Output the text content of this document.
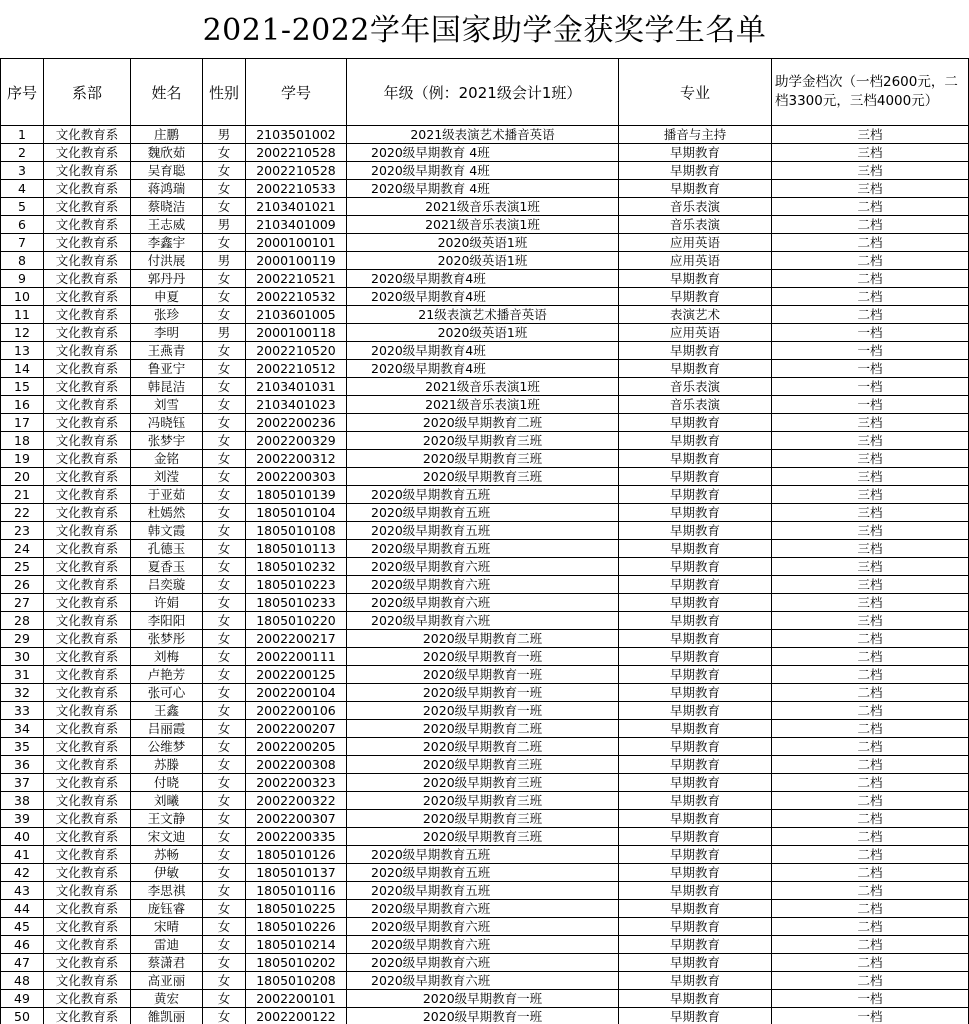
2021-2022学年国家助学金获奖学生名单
序号	系部	姓名	性别	学号	年级（例：2021级会计1班）	专业	助学金档次（一档2600元，二档3300元，三档4000元）
1	文化教育系	庄鹏	男	2103501002	2021级表演艺术播音英语	播音与主持	三档
2	文化教育系	魏欣茹	女	2002210528	2020级早期教育 4班	早期教育	三档
3	文化教育系	吴育聪	女	2002210528	2020级早期教育 4班	早期教育	三档
4	文化教育系	蒋鸿瑞	女	2002210533	2020级早期教育 4班	早期教育	三档
5	文化教育系	蔡晓洁	女	2103401021	2021级音乐表演1班	音乐表演	二档
6	文化教育系	王志威	男	2103401009	2021级音乐表演1班	音乐表演	二档
7	文化教育系	李鑫宇	女	2000100101	2020级英语1班	应用英语	二档
8	文化教育系	付洪展	男	2000100119	2020级英语1班	应用英语	二档
9	文化教育系	郭丹丹	女	2002210521	2020级早期教育4班	早期教育	二档
10	文化教育系	申夏	女	2002210532	2020级早期教育4班	早期教育	二档
11	文化教育系	张珍	女	2103601005	21级表演艺术播音英语	表演艺术	二档
12	文化教育系	李明	男	2000100118	2020级英语1班	应用英语	一档
13	文化教育系	王燕青	女	2002210520	2020级早期教育4班	早期教育	一档
14	文化教育系	鲁亚宁	女	2002210512	2020级早期教育4班	早期教育	一档
15	文化教育系	韩昆洁	女	2103401031	2021级音乐表演1班	音乐表演	一档
16	文化教育系	刘雪	女	2103401023	2021级音乐表演1班	音乐表演	一档
17	文化教育系	冯晓钰	女	2002200236	2020级早期教育二班	早期教育	三档
18	文化教育系	张梦宇	女	2002200329	2020级早期教育三班	早期教育	三档
19	文化教育系	金铭	女	2002200312	2020级早期教育三班	早期教育	三档
20	文化教育系	刘滢	女	2002200303	2020级早期教育三班	早期教育	三档
21	文化教育系	于亚茹	女	1805010139	2020级早期教育五班	早期教育	三档
22	文化教育系	杜嫣然	女	1805010104	2020级早期教育五班	早期教育	三档
23	文化教育系	韩文霞	女	1805010108	2020级早期教育五班	早期教育	三档
24	文化教育系	孔德玉	女	1805010113	2020级早期教育五班	早期教育	三档
25	文化教育系	夏香玉	女	1805010232	2020级早期教育六班	早期教育	三档
26	文化教育系	吕奕璇	女	1805010223	2020级早期教育六班	早期教育	三档
27	文化教育系	许娟	女	1805010233	2020级早期教育六班	早期教育	三档
28	文化教育系	李阳阳	女	1805010220	2020级早期教育六班	早期教育	三档
29	文化教育系	张梦彤	女	2002200217	2020级早期教育二班	早期教育	二档
30	文化教育系	刘梅	女	2002200111	2020级早期教育一班	早期教育	二档
31	文化教育系	卢艳芳	女	2002200125	2020级早期教育一班	早期教育	二档
32	文化教育系	张可心	女	2002200104	2020级早期教育一班	早期教育	二档
33	文化教育系	王鑫	女	2002200106	2020级早期教育一班	早期教育	二档
34	文化教育系	吕丽霞	女	2002200207	2020级早期教育二班	早期教育	二档
35	文化教育系	公维梦	女	2002200205	2020级早期教育二班	早期教育	二档
36	文化教育系	苏滕	女	2002200308	2020级早期教育三班	早期教育	二档
37	文化教育系	付晓	女	2002200323	2020级早期教育三班	早期教育	二档
38	文化教育系	刘曦	女	2002200322	2020级早期教育三班	早期教育	二档
39	文化教育系	王文静	女	2002200307	2020级早期教育三班	早期教育	二档
40	文化教育系	宋文迪	女	2002200335	2020级早期教育三班	早期教育	二档
41	文化教育系	苏畅	女	1805010126	2020级早期教育五班	早期教育	二档
42	文化教育系	伊敏	女	1805010137	2020级早期教育五班	早期教育	二档
43	文化教育系	李思祺	女	1805010116	2020级早期教育五班	早期教育	二档
44	文化教育系	庞钰睿	女	1805010225	2020级早期教育六班	早期教育	二档
45	文化教育系	宋晴	女	1805010226	2020级早期教育六班	早期教育	二档
46	文化教育系	雷迪	女	1805010214	2020级早期教育六班	早期教育	二档
47	文化教育系	蔡潇君	女	1805010202	2020级早期教育六班	早期教育	二档
48	文化教育系	高亚丽	女	1805010208	2020级早期教育六班	早期教育	二档
49	文化教育系	黄宏	女	2002200101	2020级早期教育一班	早期教育	一档
50	文化教育系	雒凯丽	女	2002200122	2020级早期教育一班	早期教育	一档
